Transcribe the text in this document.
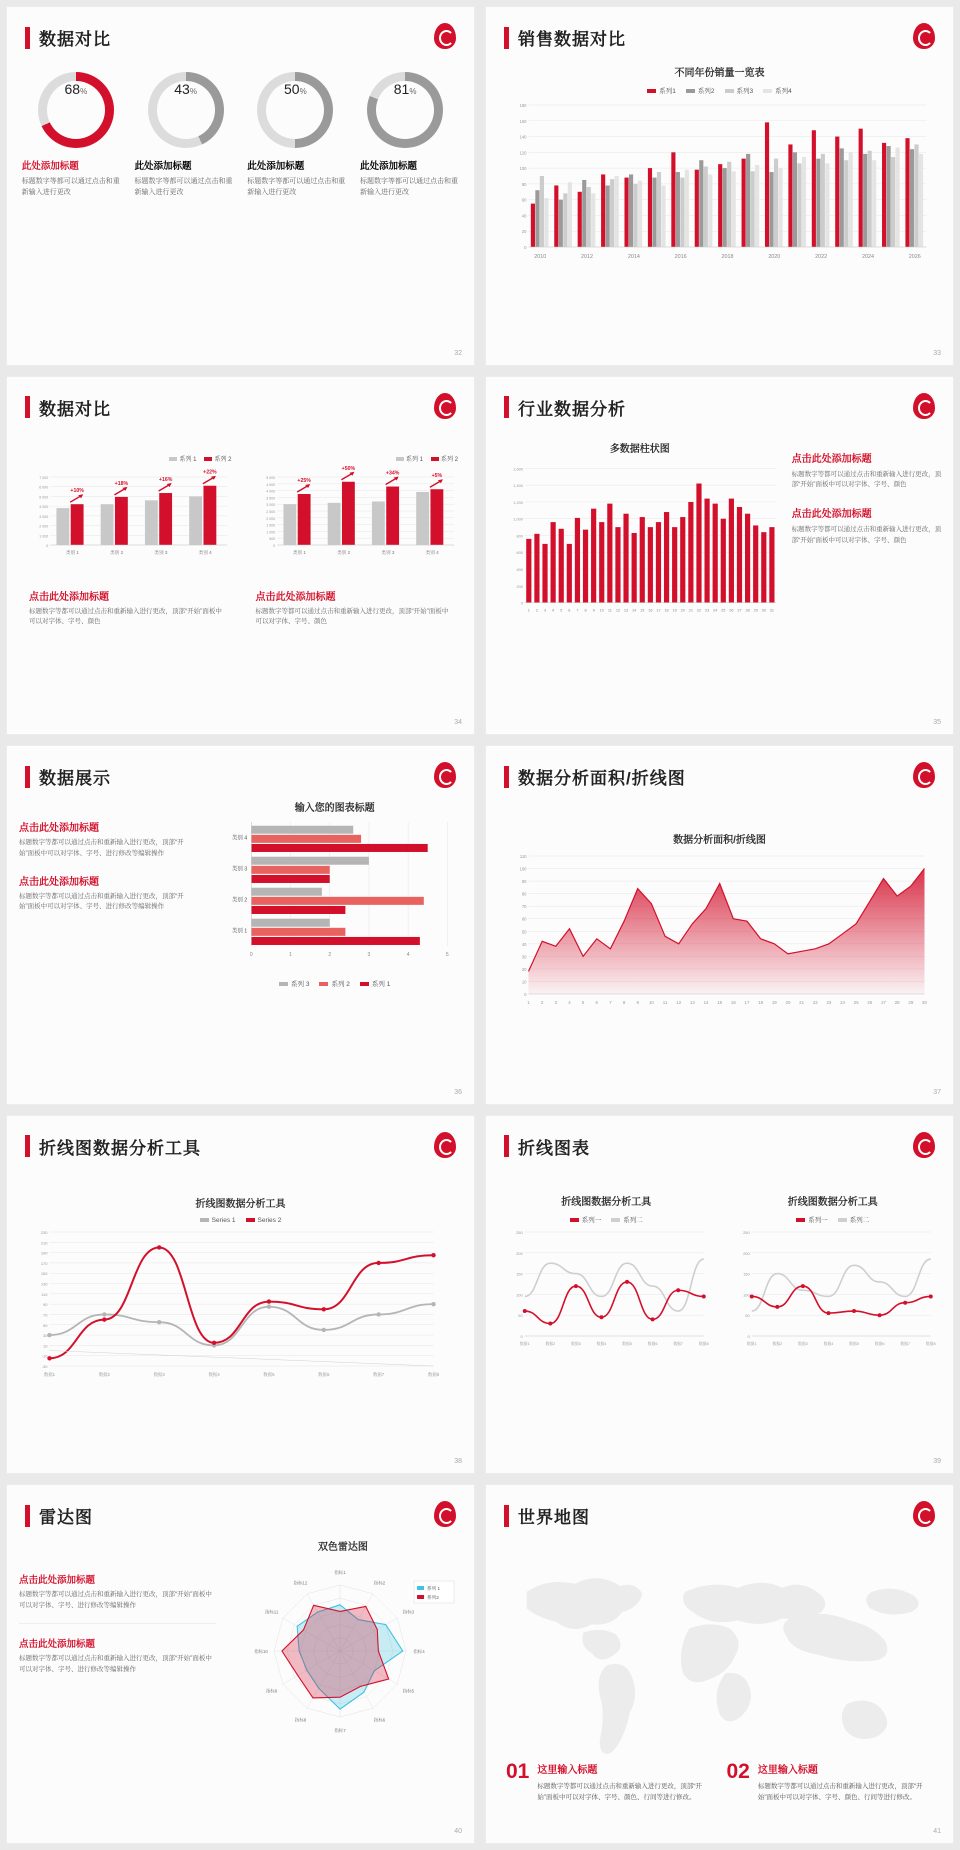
数据对比
68 %	43 %	50 %	81 %
此处添加标题
标题数字等都可以通过点击和重新输入进行更改
此处添加标题
标题数字等都可以通过点击和重新输入进行更改
此处添加标题
标题数字等都可以通过点击和重新输入进行更改
此处添加标题
标题数字等都可以通过点击和重新输入进行更改
32
销售数据对比
不同年份销量一览表
系列1	系列2	系列3	系列4
0
20
40
60
80
100
120
140
160
180
2010	2012	2014	2016	2018	2020	2022	2024	2026
33
数据对比
系列 1	系列 2
0
1 000
2 000
3 000
4 000
5 000
6 000
7 000
+10%
类别 1
+18%
类别 2
+16%
类别 3
+22%
类别 4
系列 1	系列 2
0
500
1 000
1 500
2 000
2 500
3 000
3 500
4 000
4 500
5 000	+25%
类别 1
+50%
类别 2
+34%
类别 3
+5%
类别 4
点击此处添加标题
标题数字等都可以通过点击和重新输入进行更改，顶部“开始”面板中可以对字体、字号、颜色
点击此处添加标题
标题数字等都可以通过点击和重新输入进行更改，顶部“开始”面板中可以对字体、字号、颜色
34
行业数据分析
多数据柱状图
0
200
400
600
800
1,000
1,200
1,400
1,600
1 2 3 4 5 6 7 8 9 10 11 12 13 14 15 16 17 18 19 20 21 22 23 24 25 26 27 28 29 30 31
点击此处添加标题
标题数字等都可以通过点击和重新输入进行更改，顶部“开始”面板中可以对字体、字号、颜色
点击此处添加标题
标题数字等都可以通过点击和重新输入进行更改，顶部“开始”面板中可以对字体、字号、颜色
35
数据展示
点击此处添加标题
标题数字等都可以通过点击和重新输入进行更改，顶部“开始”面板中可以对字体、字号、进行修改等编辑操作
点击此处添加标题
标题数字等都可以通过点击和重新输入进行更改，顶部“开始”面板中可以对字体、字号、进行修改等编辑操作
输入您的图表标题
0	1	2	3	4	5
类别 1
类别 2
类别 3
类别 4
系列 3	系列 2	系列 1
36
数据分析面积/折线图
数据分析面积/折线图
0
10
20
30
40
50
60
70
80
90
100
110
1	2	3	4	5	6	7	8	9 10 11 12 13 14 15 16 17 18 19 20 21 22 23 24 25 26 27 28 29 30
37
折线图数据分析工具
折线图数据分析工具
Series 1	Series 2
-30
-10
10
30
50
70
90
110
130
150
170
190
210
230
数据1	数据2	数据3	数据4	数据5	数据6	数据7	数据8
38
折线图表
折线图数据分析工具
系列一	系列二
0
50
100
150
200
250
数据1	数据2	数据3	数据4	数据5	数据6	数据7	数据8
折线图数据分析工具
系列一	系列二
0
50
100
150
200
250
数据1	数据2	数据3	数据4	数据5	数据6	数据7	数据8
39
雷达图
点击此处添加标题
标题数字等都可以通过点击和重新输入进行更改，顶部“开始”面板中可以对字体、字号、进行修改等编辑操作
点击此处添加标题
标题数字等都可以通过点击和重新输入进行更改，顶部“开始”面板中可以对字体、字号、进行修改等编辑操作
双色雷达图
指标1
指标2
指标3
指标4
指标5
指标6
指标7
指标8
指标9
指标10
指标11
指标12
系列 1
系列2
40
世界地图
01 这里输入标题
标题数字等都可以通过点击和重新输入进行更改，顶部“开始”面板中可以对字体、字号、颜色、行间等进行修改。
02 这里输入标题
标题数字等都可以通过点击和重新输入进行更改，顶部“开始”面板中可以对字体、字号、颜色、行间等进行修改。
41
